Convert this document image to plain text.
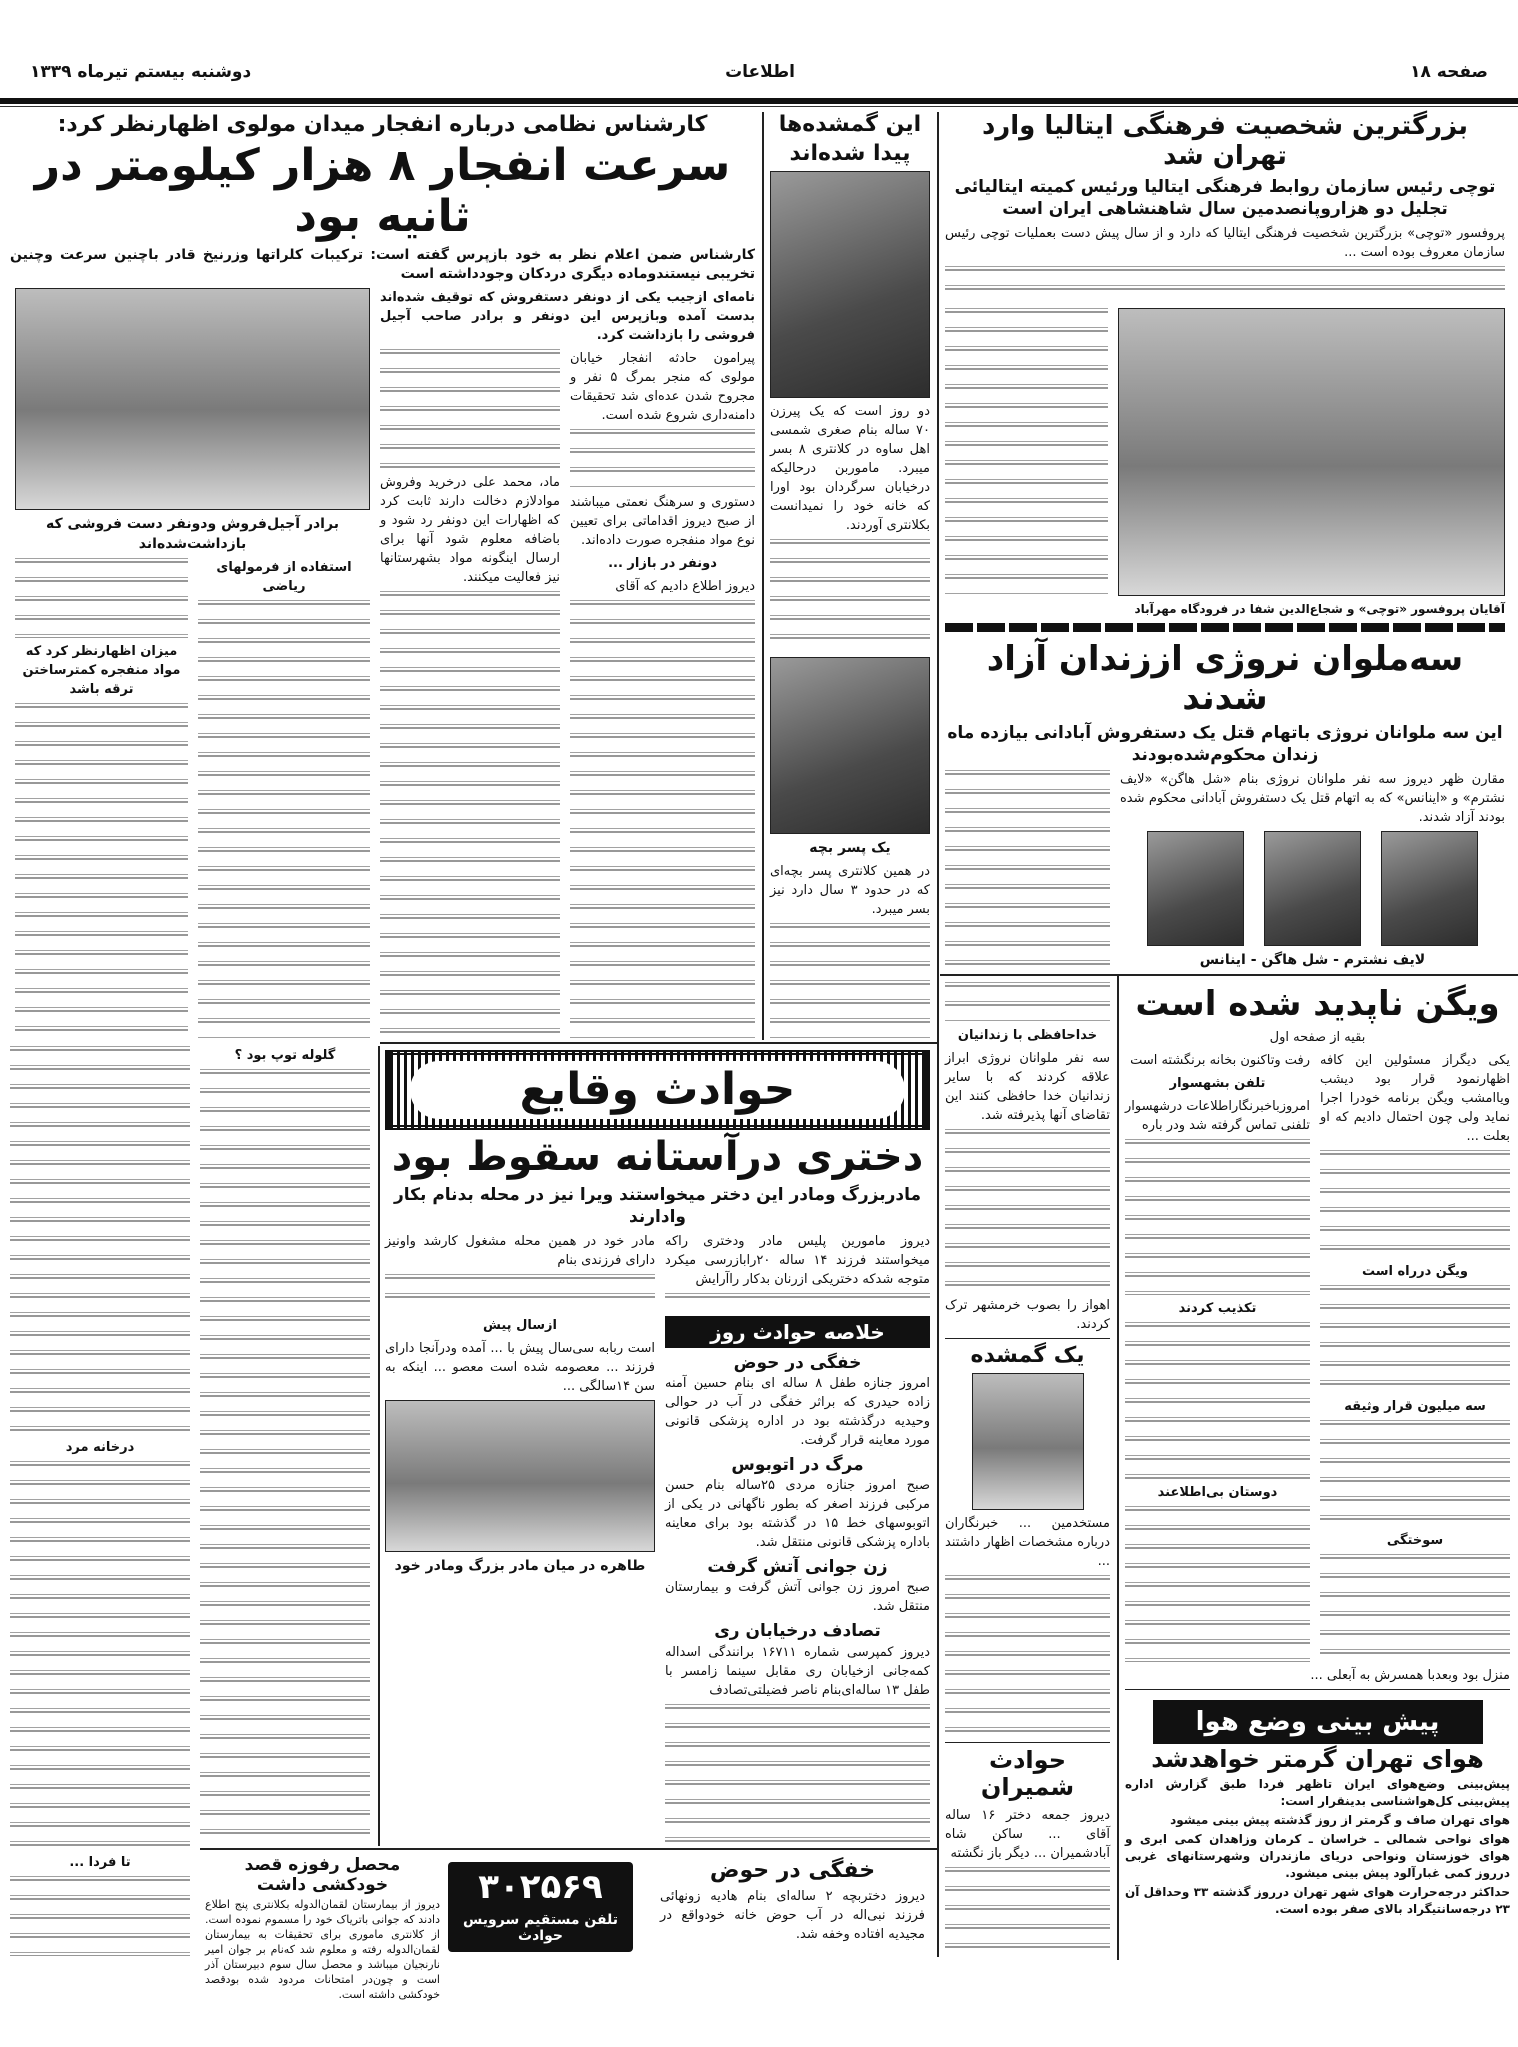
دوشنبه بیستم تیرماه ۱۳۳۹	اطلاعات	صفحه ۱۸
کارشناس نظامی درباره انفجار میدان مولوی اظهارنظر کرد:
سرعت انفجار ۸ هزار کیلومتر در ثانیه بود
کارشناس ضمن اعلام نظر به خود بازپرس گفته است: ترکیبات کلراتها وزرنیخ قادر باچنین سرعت وچنین تخریبی نیستندوماده دیگری دردکان وجودداشته است
نامه‌ای ازجیب یکی از دونفر دستفروش که توقیف شده‌اند بدست آمده وبازپرس این دونفر و برادر صاحب آجیل فروشی را بازداشت کرد.
پیرامون حادثه انفجار خیابان مولوی که منجر بمرگ ۵ نفر و مجروح شدن عده‌ای شد تحقیقات دامنه‌داری شروع شده است.
دستوری و سرهنگ نعمتی میباشند از صبح دیروز اقداماتی برای تعیین نوع مواد منفجره صورت داده‌اند.
دونفر در بازار ...
دیروز اطلاع دادیم که آقای
ماد، محمد علی درخرید وفروش موادلازم دخالت دارند ثابت کرد که اظهارات این دونفر رد شود و باضافه معلوم شود آنها برای ارسال اینگونه مواد بشهرستانها نیز فعالیت میکنند.
برادر آجیل‌فروش ودونفر دست فروشی که بازداشت‌شده‌اند
استفاده از فرمولهای ریاضی
میزان اظهارنظر کرد که مواد منفجره کمترساختن ترقه باشد
گلوله توپ بود ؟
درخانه مرد
تا فردا ...
این گمشده‌ها
پیدا شده‌اند
دو روز است که یک پیرزن ۷۰ ساله بنام صغری شمسی اهل ساوه در کلانتری ۸ بسر میبرد. ماموربن درحالیکه درخیابان سرگردان بود اورا که خانه خود را نمیدانست بکلانتری آوردند.
یک پسر بچه
در همین کلانتری پسر بچه‌ای که در حدود ۳ سال دارد نیز بسر میبرد.
بزرگترین شخصیت فرهنگی ایتالیا وارد تهران شد
توچی رئیس سازمان روابط فرهنگی ایتالیا ورئیس کمیته ایتالیائی تجلیل دو هزاروپانصدمین سال شاهنشاهی ایران است
پروفسور «توچی» بزرگترین شخصیت فرهنگی ایتالیا که دارد و از سال پیش دست بعملیات توچی رئیس سازمان معروف بوده است ...
آقایان پروفسور «توچی» و شجاع‌الدین شفا در فرودگاه مهرآباد
سه‌ملوان نروژی اززندان آزاد شدند
این سه ملوانان نروژی باتهام قتل یک دستفروش آبادانی بیازده ماه زندان محکوم‌شده‌بودند
مقارن ظهر دیروز سه نفر ملوانان نروژی بنام «شل هاگن» «لایف نشترم» و «اینانس» که به اتهام قتل یک دستفروش آبادانی محکوم شده بودند آزاد شدند.
لایف نشترم - شل هاگن - اینانس
خداحافظی با زندانیان
سه نفر ملوانان نروژی ابراز علاقه کردند که با سایر زندانیان خدا حافظی کنند این تقاضای آنها پذیرفته شد.
اهواز را بصوب خرمشهر ترک کردند.
یک گمشده
مستخدمین ... خبرنگاران درباره مشخصات اظهار داشتند ...
حوادث شمیران
دیروز جمعه دختر ۱۶ ساله آقای ... ساکن شاه آبادشمیران ... دیگر باز نگشته
ویگن ناپدید شده است
بقیه از صفحه اول
یکی دیگراز مسئولین این کافه اظهارنمود قرار بود دیشب ویاامشب ویگن برنامه خودرا اجرا نماید ولی چون احتمال دادیم که او بعلت ...
ویگن درراه است
سه میلیون قرار وثیقه
سوختگی
رفت وتاکنون بخانه برنگشته است
تلفن بشهسوار
امروزباخبرنگاراطلاعات درشهسوار تلفنی تماس گرفته شد ودر باره
تکذیب کردند
دوستان بی‌اطلاعند
منزل بود وبعدبا همسرش به آبعلی ...
پیش بینی وضع هوا
هوای تهران گرمتر خواهدشد
پیش‌بینی وضع‌هوای ایران تاظهر فردا طبق گزارش اداره پیش‌بینی کل‌هواشناسی بدینقرار است:
هوای تهران صاف و گرمتر از روز گذشته پیش بینی میشود
هوای نواحی شمالی ـ خراسان ـ کرمان وزاهدان کمی ابری و هوای خوزستان ونواحی دریای مازندران وشهرستانهای غربی درروز کمی غبارآلود پیش بینی میشود.
حداکثر درجه‌حرارت هوای شهر تهران درروز گذشته ۳۳ وحداقل آن ۲۳ درجه‌سانتیگراد بالای صفر بوده است.
حوادث وقایع
دختری درآستانه سقوط بود
مادربزرگ ومادر این دختر میخواستند ویرا نیز در محله بدنام بکار وادارند
دیروز مامورین پلیس مادر ودختری راکه میخواستند فرزند ۱۴ ساله ۲۰رابازرسی میکرد متوجه شدکه دختریکی ازرنان بدکار راآرایش
خلاصه حوادث روز
خفگی در حوض
امروز جنازه طفل ۸ ساله ای بنام حسین آمنه زاده حیدری که براثر خفگی در آب در حوالی وحیدیه درگذشته بود در اداره پزشکی قانونی مورد معاینه قرار گرفت.
مرگ در اتوبوس
صبح امروز جنازه مردی ۲۵ساله بنام حسن مرکبی فرزند اصغر که بطور ناگهانی در یکی از اتوبوسهای خط ۱۵ در گذشته بود برای معاینه باداره پزشکی قانونی منتقل شد.
زن جوانی آتش گرفت
صبح امروز زن جوانی آتش گرفت و بیمارستان منتقل شد.
تصادف درخیابان ری
دیروز کمپرسی شماره ۱۶۷۱۱ برانندگی اسداله کمه‌جانی ازخیابان ری مقابل سینما زامسر با طفل ۱۳ ساله‌ای‌بنام ناصر فضیلتی‌تصادف
مادر خود در همین محله مشغول کارشد واونیز دارای فرزندی بنام
ازسال پیش
است ربابه سی‌سال پیش با ... آمده ودرآنجا دارای فرزند ... معصومه شده است معصو ... اینکه به سن ۱۴سالگی ...
طاهره در میان مادر بزرگ ومادر خود
محصل رفوزه قصد خودکشی داشت
دیروز از بیمارستان لقمان‌الدوله بکلانتری پنج اطلاع دادند که جوانی باتریاک خود را مسموم نموده است. از کلانتری ماموری برای تحقیقات به بیمارستان لقمان‌الدوله رفته و معلوم شد که‌نام بر جوان امیر نارنجیان میباشد و محصل سال سوم دبیرستان آذر است و چون‌در امتحانات مردود شده بودقصد خودکشی داشته است.
۳۰۲۵۶۹
تلفن مستقیم سرویس حوادث
خفگی در حوض
دیروز دختربچه ۲ ساله‌ای بنام هادیه زونهائی فرزند نبی‌اله در آب حوض خانه خودواقع در مجیدیه افتاده وخفه شد.
